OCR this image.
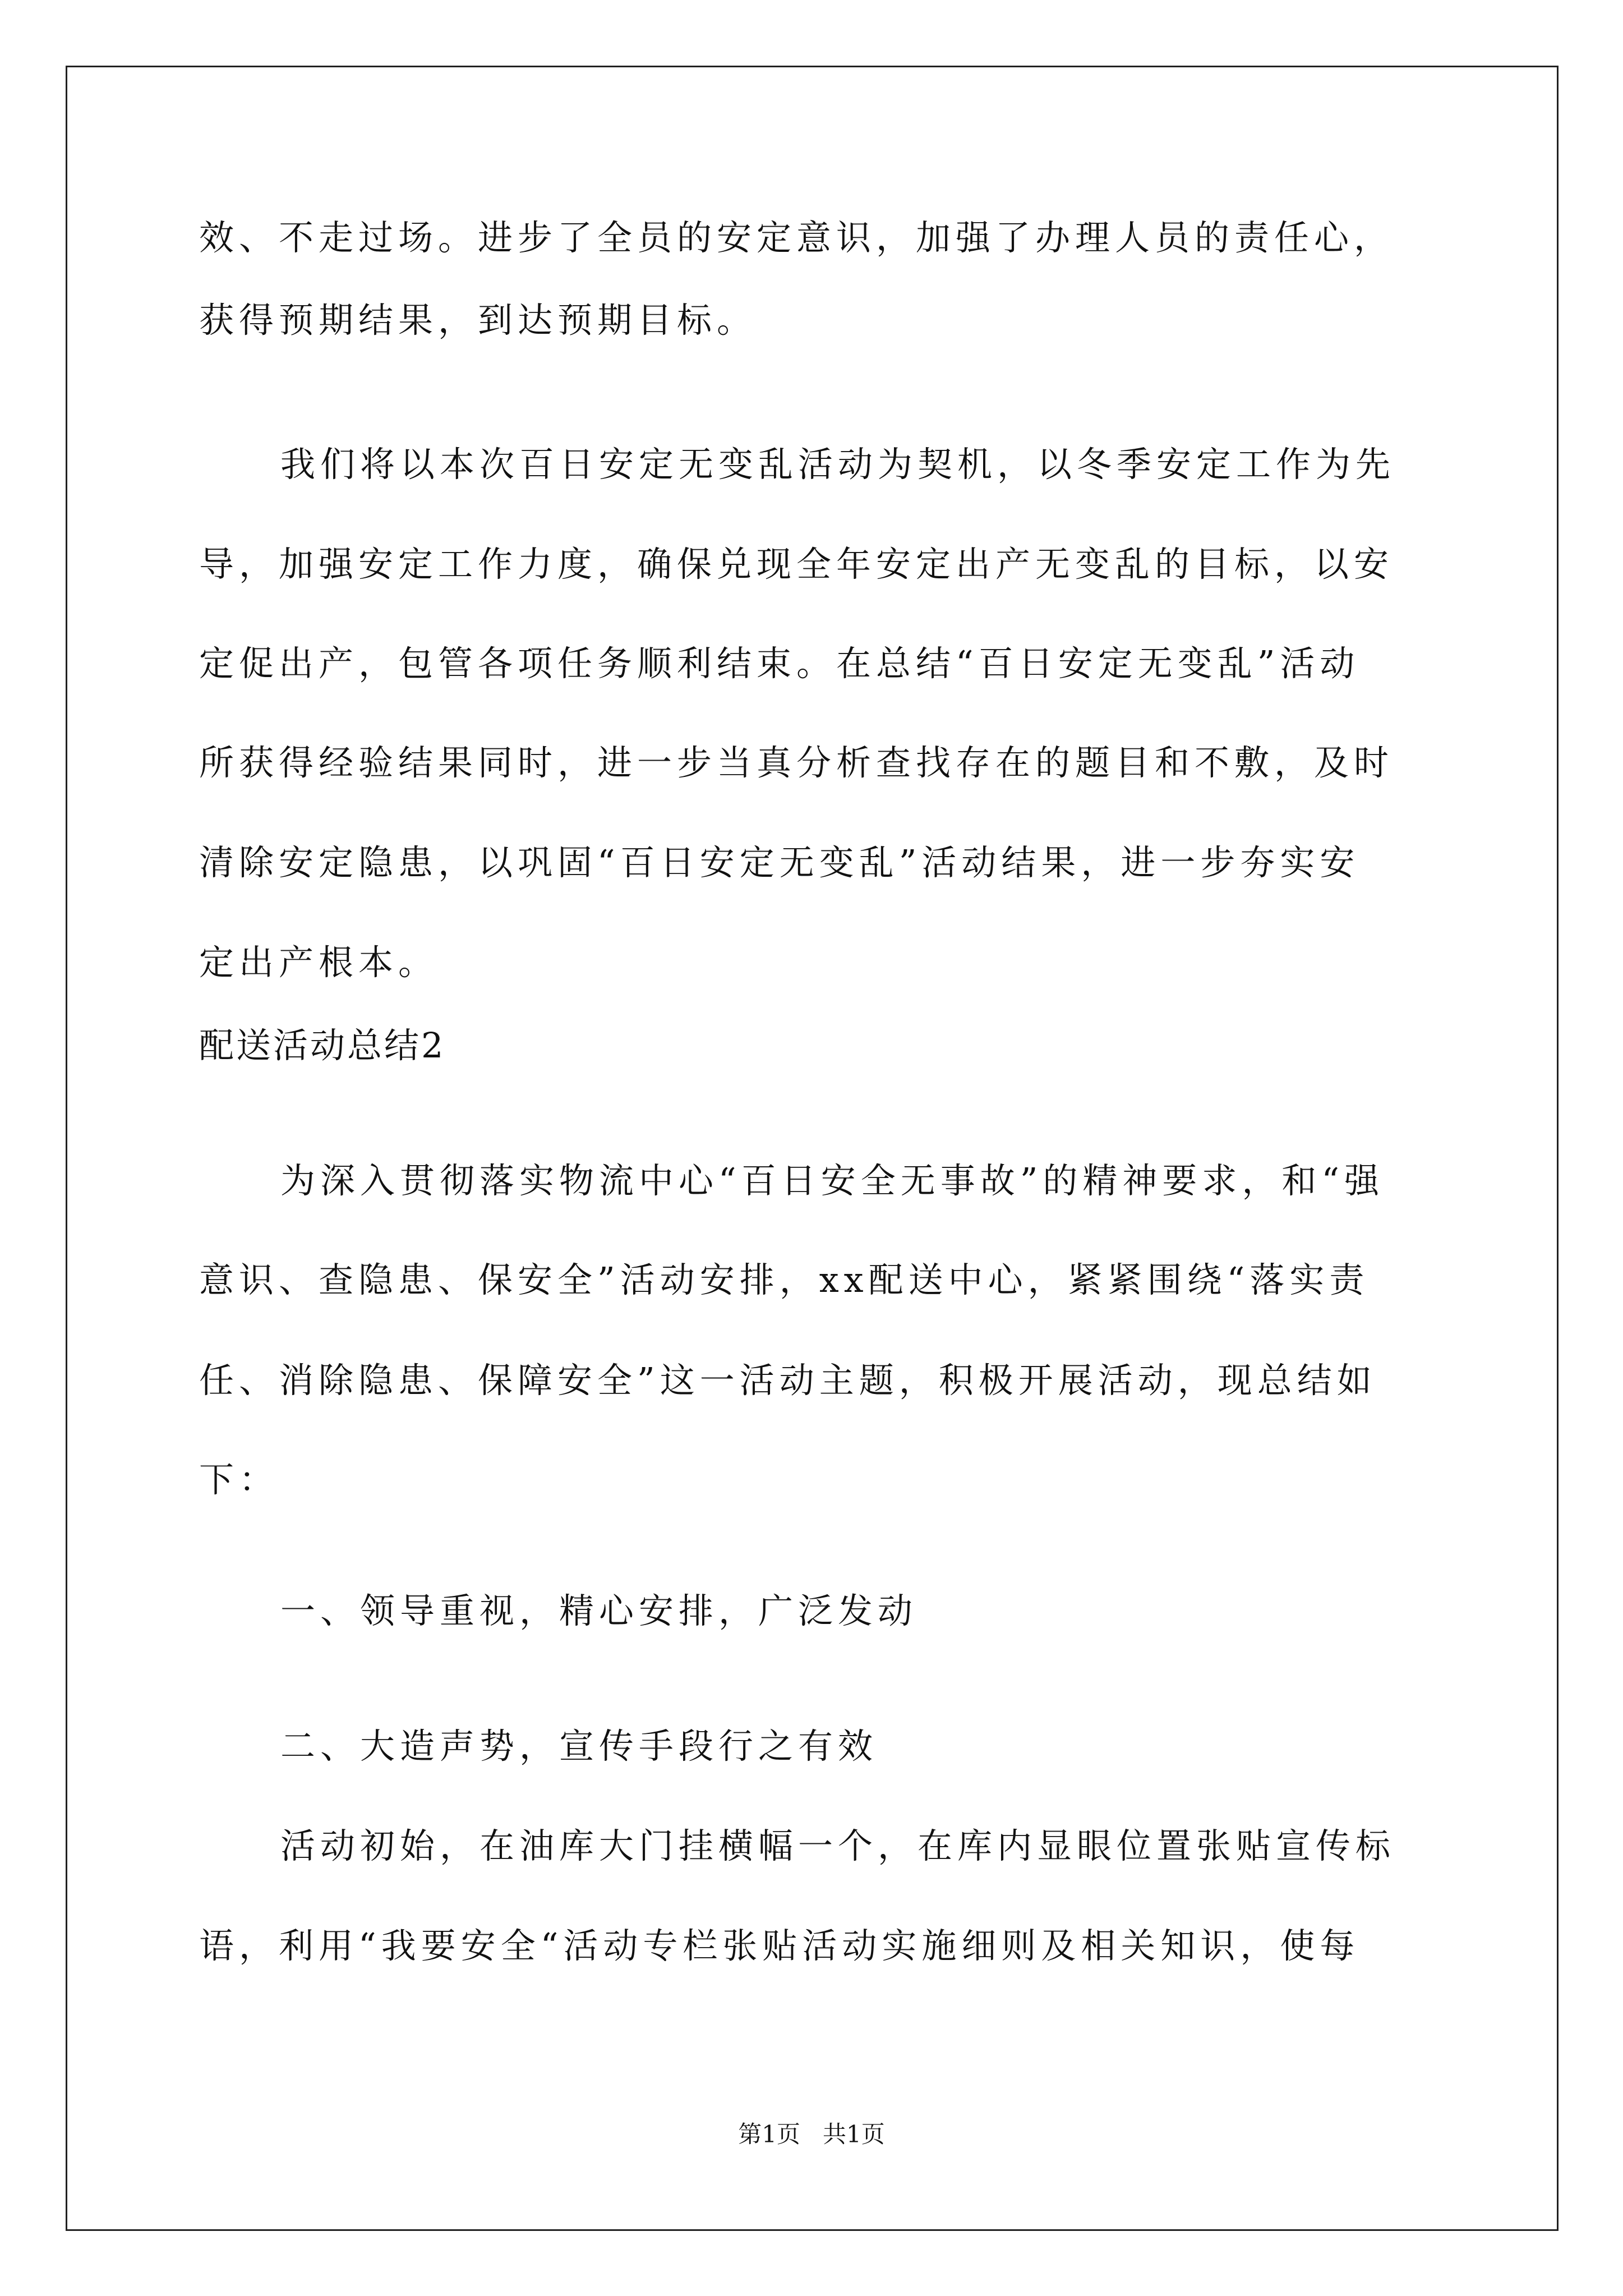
效、不走过场。进步了全员的安定意识，加强了办理人员的责任心，
获得预期结果，到达预期目标。
我们将以本次百日安定无变乱活动为契机，以冬季安定工作为先
导，加强安定工作力度，确保兑现全年安定出产无变乱的目标，以安
定促出产，包管各项任务顺利结束。在总结“百日安定无变乱”活动
所获得经验结果同时，进一步当真分析查找存在的题目和不敷，及时
清除安定隐患，以巩固“百日安定无变乱”活动结果，进一步夯实安
定出产根本。
配送活动总结2
为深入贯彻落实物流中心“百日安全无事故”的精神要求，和“强
意识、查隐患、保安全”活动安排，xx配送中心，紧紧围绕“落实责
任、消除隐患、保障安全”这一活动主题，积极开展活动，现总结如
下：
一、领导重视，精心安排，广泛发动
二、大造声势，宣传手段行之有效
活动初始，在油库大门挂横幅一个，在库内显眼位置张贴宣传标
语，利用“我要安全“活动专栏张贴活动实施细则及相关知识，使每
第1页   共1页
